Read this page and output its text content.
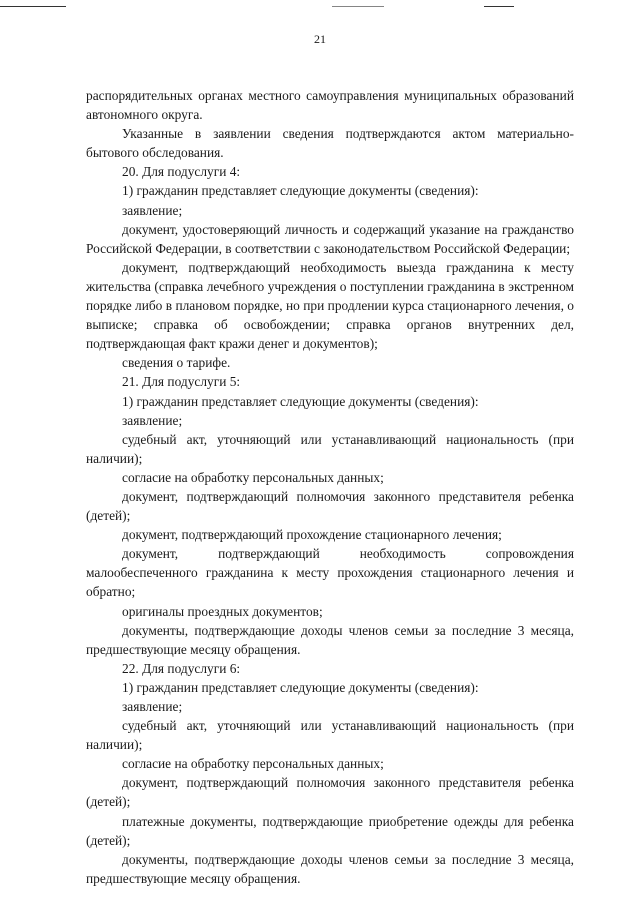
21

распорядительных органах местного самоуправления муниципальных образований автономного округа.

Указанные в заявлении сведения подтверждаются актом материально-бытового обследования.

20. Для подуслуги 4:

1) гражданин представляет следующие документы (сведения):

заявление;

документ, удостоверяющий личность и содержащий указание на гражданство Российской Федерации, в соответствии с законодательством Российской Федерации;

документ, подтверждающий необходимость выезда гражданина к месту жительства (справка лечебного учреждения о поступлении гражданина в экстренном порядке либо в плановом порядке, но при продлении курса стационарного лечения, о выписке; справка об освобождении; справка органов внутренних дел, подтверждающая факт кражи денег и документов);

сведения о тарифе.

21. Для подуслуги 5:

1) гражданин представляет следующие документы (сведения):

заявление;

судебный акт, уточняющий или устанавливающий национальность (при наличии);

согласие на обработку персональных данных;

документ, подтверждающий полномочия законного представителя ребенка (детей);

документ, подтверждающий прохождение стационарного лечения;

документ, подтверждающий необходимость сопровождения малообеспеченного гражданина к месту прохождения стационарного лечения и обратно;

оригиналы проездных документов;

документы, подтверждающие доходы членов семьи за последние 3 месяца, предшествующие месяцу обращения.

22. Для подуслуги 6:

1) гражданин представляет следующие документы (сведения):

заявление;

судебный акт, уточняющий или устанавливающий национальность (при наличии);

согласие на обработку персональных данных;

документ, подтверждающий полномочия законного представителя ребенка (детей);

платежные документы, подтверждающие приобретение одежды для ребенка (детей);

документы, подтверждающие доходы членов семьи за последние 3 месяца, предшествующие месяцу обращения.
